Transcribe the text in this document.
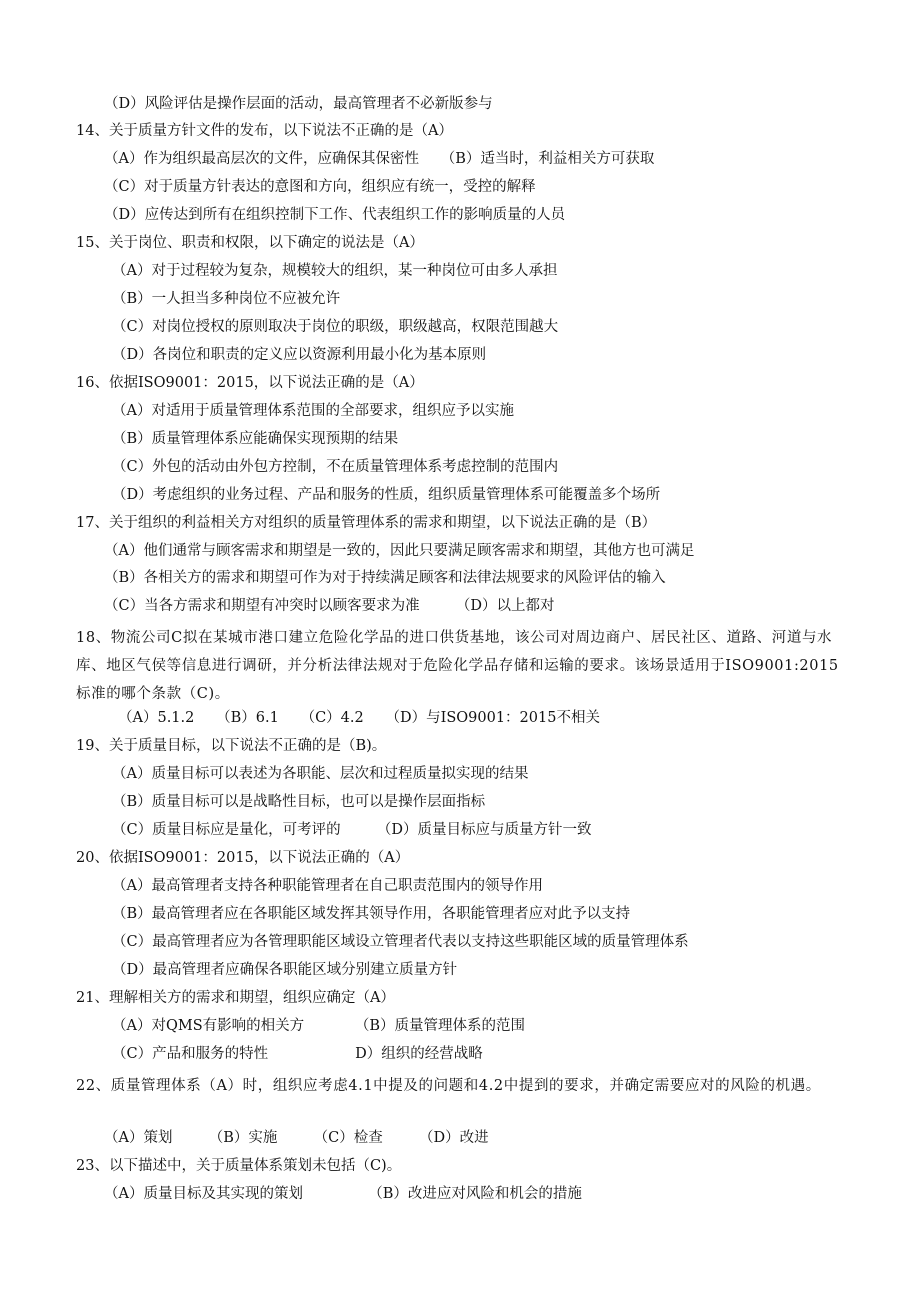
（D）风险评估是操作层面的活动，最高管理者不必新版参与
14、关于质量方针文件的发布，以下说法不正确的是（A）
（A）作为组织最高层次的文件，应确保其保密性　　（B）适当时，利益相关方可获取
（C）对于质量方针表达的意图和方向，组织应有统一，受控的解释
（D）应传达到所有在组织控制下工作、代表组织工作的影响质量的人员
15、关于岗位、职责和权限，以下确定的说法是（A）
（A）对于过程较为复杂，规模较大的组织，某一种岗位可由多人承担
（B）一人担当多种岗位不应被允许
（C）对岗位授权的原则取决于岗位的职级，职级越高，权限范围越大
（D）各岗位和职责的定义应以资源利用最小化为基本原则
16、依据ISO9001：2015，以下说法正确的是（A）
（A）对适用于质量管理体系范围的全部要求，组织应予以实施
（B）质量管理体系应能确保实现预期的结果
（C）外包的活动由外包方控制，不在质量管理体系考虑控制的范围内
（D）考虑组织的业务过程、产品和服务的性质，组织质量管理体系可能覆盖多个场所
17、关于组织的利益相关方对组织的质量管理体系的需求和期望，以下说法正确的是（B）
（A）他们通常与顾客需求和期望是一致的，因此只要满足顾客需求和期望，其他方也可满足
（B）各相关方的需求和期望可作为对于持续满足顾客和法律法规要求的风险评估的输入
（C）当各方需求和期望有冲突时以顾客要求为准　　　（D）以上都对
18、物流公司C拟在某城市港口建立危险化学品的进口供货基地，该公司对周边商户、居民社区、道路、河道与水库、地区气侯等信息进行调研，并分析法律法规对于危险化学品存储和运输的要求。该场景适用于ISO9001:2015标准的哪个条款（C)。
（A）5.1.2　　（B）6.1　　（C）4.2　　（D）与ISO9001：2015不相关
19、关于质量目标，以下说法不正确的是（B)。
（A）质量目标可以表述为各职能、层次和过程质量拟实现的结果
（B）质量目标可以是战略性目标，也可以是操作层面指标
（C）质量目标应是量化，可考评的　　　（D）质量目标应与质量方针一致
20、依据ISO9001：2015，以下说法正确的（A）
（A）最高管理者支持各种职能管理者在自己职责范围内的领导作用
（B）最高管理者应在各职能区域发挥其领导作用，各职能管理者应对此予以支持
（C）最高管理者应为各管理职能区域设立管理者代表以支持这些职能区域的质量管理体系
（D）最高管理者应确保各职能区域分别建立质量方针
21、理解相关方的需求和期望，组织应确定（A）
（A）对QMS有影响的相关方　　　　（B）质量管理体系的范围
（C）产品和服务的特性　　　　　　D）组织的经营战略
22、质量管理体系（A）时，组织应考虑4.1中提及的问题和4.2中提到的要求，并确定需要应对的风险的机遇。
（A）策划　　　（B）实施　　　（C）检查　　　（D）改进
23、以下描述中，关于质量体系策划未包括（C)。
（A）质量目标及其实现的策划　　　　　（B）改进应对风险和机会的措施
